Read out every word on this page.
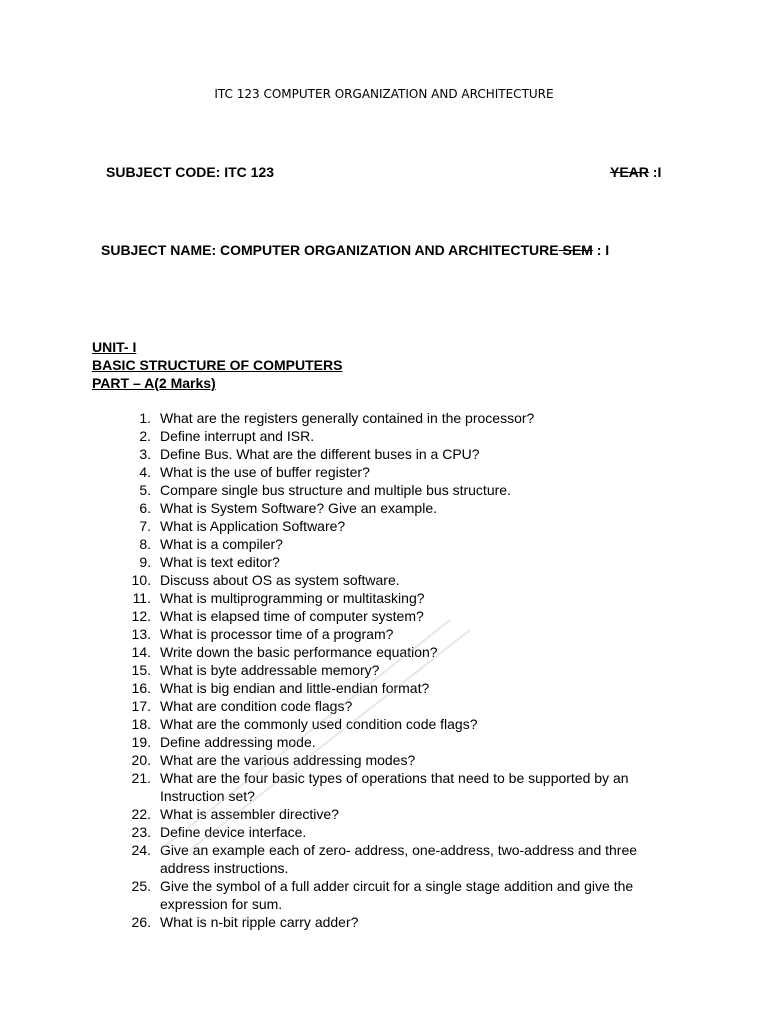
ITC 123 COMPUTER ORGANIZATION AND ARCHITECTURE
SUBJECT CODE: ITC 123	YEAR :I
SUBJECT NAME: COMPUTER ORGANIZATION AND ARCHITECTURE SEM : I
UNIT- I
BASIC STRUCTURE OF COMPUTERS
PART – A(2 Marks)
1. What are the registers generally contained in the processor?
2. Define interrupt and ISR.
3. Define Bus. What are the different buses in a CPU?
4. What is the use of buffer register?
5. Compare single bus structure and multiple bus structure.
6. What is System Software? Give an example.
7. What is Application Software?
8. What is a compiler?
9. What is text editor?
10. Discuss about OS as system software.
11. What is multiprogramming or multitasking?
12. What is elapsed time of computer system?
13. What is processor time of a program?
14. Write down the basic performance equation?
15. What is byte addressable memory?
16. What is big endian and little-endian format?
17. What are condition code flags?
18. What are the commonly used condition code flags?
19. Define addressing mode.
20. What are the various addressing modes?
21. What are the four basic types of operations that need to be supported by an Instruction set?
22. What is assembler directive?
23. Define device interface.
24. Give an example each of zero- address, one-address, two-address and three address instructions.
25. Give the symbol of a full adder circuit for a single stage addition and give the expression for sum.
26. What is n-bit ripple carry adder?
